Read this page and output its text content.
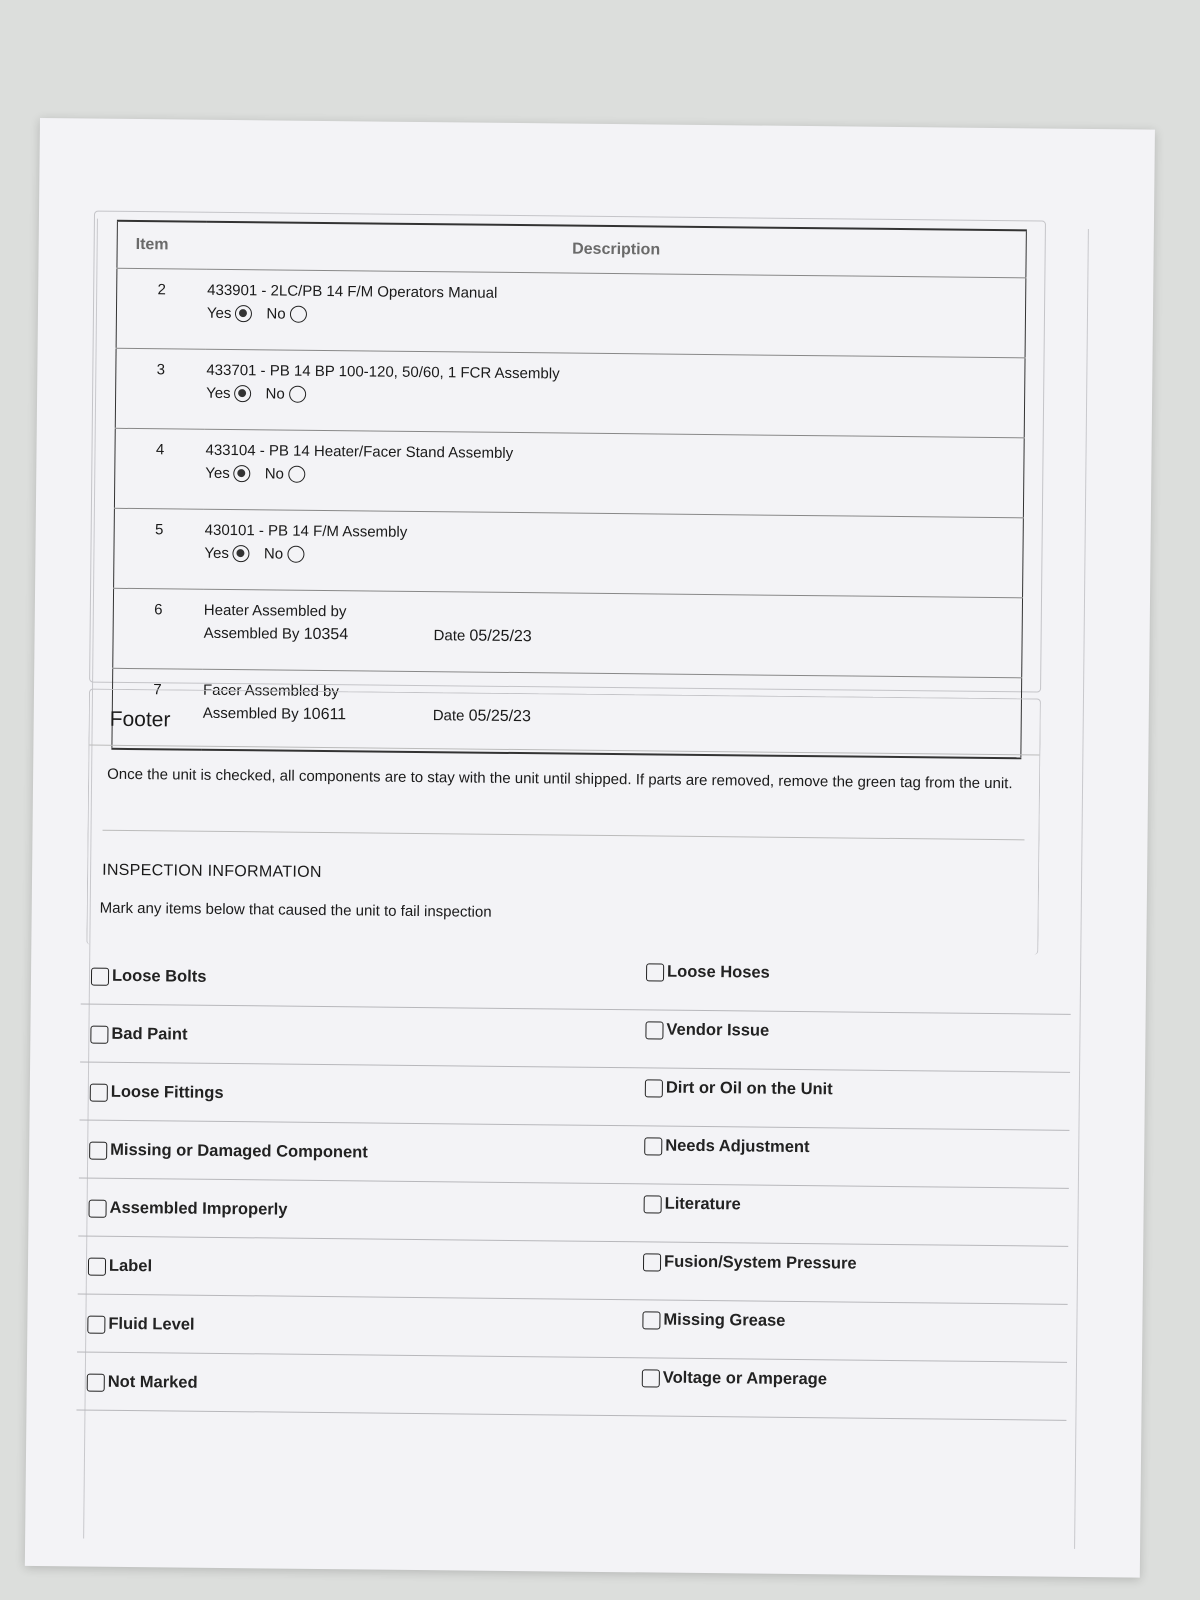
Item	Description
2	433901 - 2LC/PB 14 F/M Operators Manual
Yes No

3	433701 - PB 14 BP 100-120, 50/60, 1 FCR Assembly
Yes No

4	433104 - PB 14 Heater/Facer Stand Assembly
Yes No

5	430101 - PB 14 F/M Assembly
Yes No

6	Heater Assembled by
Assembled By 10354 Date 05/25/23

7	Facer Assembled by
Assembled By 10611 Date 05/25/23
Footer
Once the unit is checked, all components are to stay with the unit until shipped. If parts are removed, remove the green tag from the unit.
INSPECTION INFORMATION
Mark any items below that caused the unit to fail inspection
Loose Bolts	Loose Hoses
Bad Paint	Vendor Issue
Loose Fittings	Dirt or Oil on the Unit
Missing or Damaged Component	Needs Adjustment
Assembled Improperly	Literature
Label	Fusion/System Pressure
Fluid Level	Missing Grease
Not Marked	Voltage or Amperage
